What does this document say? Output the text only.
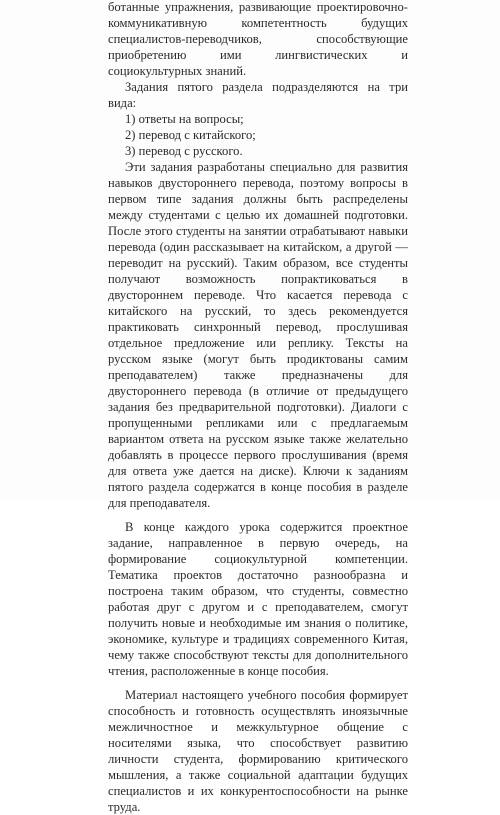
ботанные упражнения, развивающие проектировочно-коммуникативную компетентность будущих специалистов-переводчиков, способствующие приобретению ими лингвистических и социокультурных знаний.

Задания пятого раздела подразделяются на три вида:

1) ответы на вопросы;

2) перевод с китайского;

3) перевод с русского.

Эти задания разработаны специально для развития навыков двустороннего перевода, поэтому вопросы в первом типе задания должны быть распределены между студентами с целью их домашней подготовки. После этого студенты на занятии отрабатывают навыки перевода (один рассказывает на китайском, а другой — переводит на русский). Таким образом, все студенты получают возможность попрактиковаться в двустороннем переводе. Что касается перевода с китайского на русский, то здесь рекомендуется практиковать синхронный перевод, прослушивая отдельное предложение или реплику. Тексты на русском языке (могут быть продиктованы самим преподавателем) также предназначены для двустороннего перевода (в отличие от предыдущего задания без предварительной подготовки). Диалоги с пропущенными репликами или с предлагаемым вариантом ответа на русском языке также желательно добавлять в процессе первого прослушивания (время для ответа уже дается на диске). Ключи к заданиям пятого раздела содержатся в конце пособия в разделе для преподавателя.

В конце каждого урока содержится проектное задание, направленное в первую очередь, на формирование социокультурной компетенции. Тематика проектов достаточно разнообразна и построена таким образом, что студенты, совместно работая друг с другом и с преподавателем, смогут получить новые и необходимые им знания о политике, экономике, культуре и традициях современного Китая, чему также способствуют тексты для дополнительного чтения, расположенные в конце пособия.

Материал настоящего учебного пособия формирует способность и готовность осуществлять иноязычные межличностное и межкультурное общение с носителями языка, что способствует развитию личности студента, формированию критического мышления, а также социальной адаптации будущих специалистов и их конкурентоспособности на рынке труда.
